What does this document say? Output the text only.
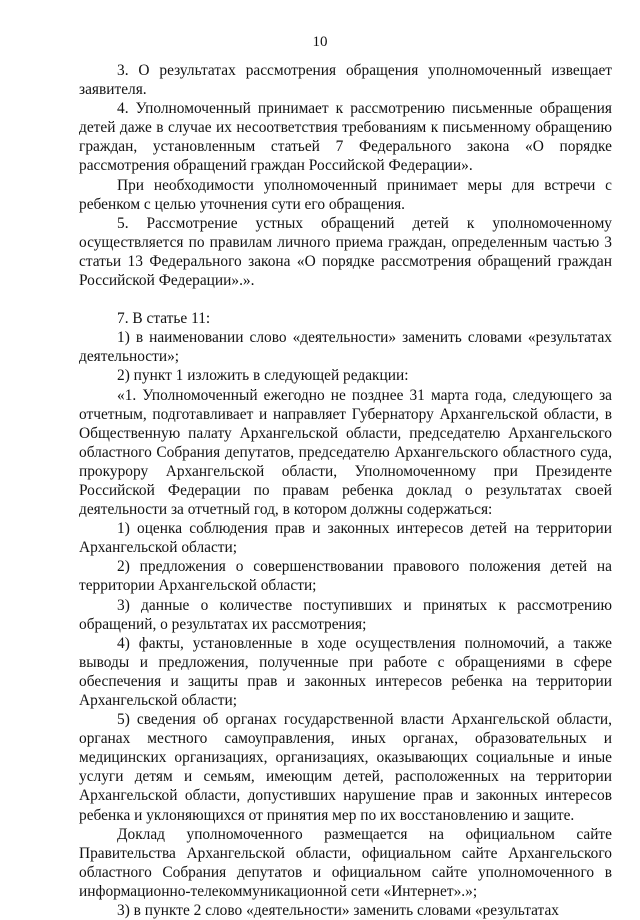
10

3. О результатах рассмотрения обращения уполномоченный извещает заявителя.

4. Уполномоченный принимает к рассмотрению письменные обращения детей даже в случае их несоответствия требованиям к письменному обращению граждан, установленным статьей 7 Федерального закона «О порядке рассмотрения обращений граждан Российской Федерации».

При необходимости уполномоченный принимает меры для встречи с ребенком с целью уточнения сути его обращения.

5. Рассмотрение устных обращений детей к уполномоченному осуществляется по правилам личного приема граждан, определенным частью 3 статьи 13 Федерального закона «О порядке рассмотрения обращений граждан Российской Федерации».».

7. В статье 11:

1) в наименовании слово «деятельности» заменить словами «результатах деятельности»;

2) пункт 1 изложить в следующей редакции:

«1. Уполномоченный ежегодно не позднее 31 марта года, следующего за отчетным, подготавливает и направляет Губернатору Архангельской области, в Общественную палату Архангельской области, председателю Архангельского областного Собрания депутатов, председателю Архангельского областного суда, прокурору Архангельской области, Уполномоченному при Президенте Российской Федерации по правам ребенка доклад о результатах своей деятельности за отчетный год, в котором должны содержаться:

1) оценка соблюдения прав и законных интересов детей на территории Архангельской области;

2) предложения о совершенствовании правового положения детей на территории Архангельской области;

3) данные о количестве поступивших и принятых к рассмотрению обращений, о результатах их рассмотрения;

4) факты, установленные в ходе осуществления полномочий, а также выводы и предложения, полученные при работе с обращениями в сфере обеспечения и защиты прав и законных интересов ребенка на территории Архангельской области;

5) сведения об органах государственной власти Архангельской области, органах местного самоуправления, иных органах, образовательных и медицинских организациях, организациях, оказывающих социальные и иные услуги детям и семьям, имеющим детей, расположенных на территории Архангельской области, допустивших нарушение прав и законных интересов ребенка и уклоняющихся от принятия мер по их восстановлению и защите.

Доклад уполномоченного размещается на официальном сайте Правительства Архангельской области, официальном сайте Архангельского областного Собрания депутатов и официальном сайте уполномоченного в информационно-телекоммуникационной сети «Интернет».»;

3) в пункте 2 слово «деятельности» заменить словами «результатах
